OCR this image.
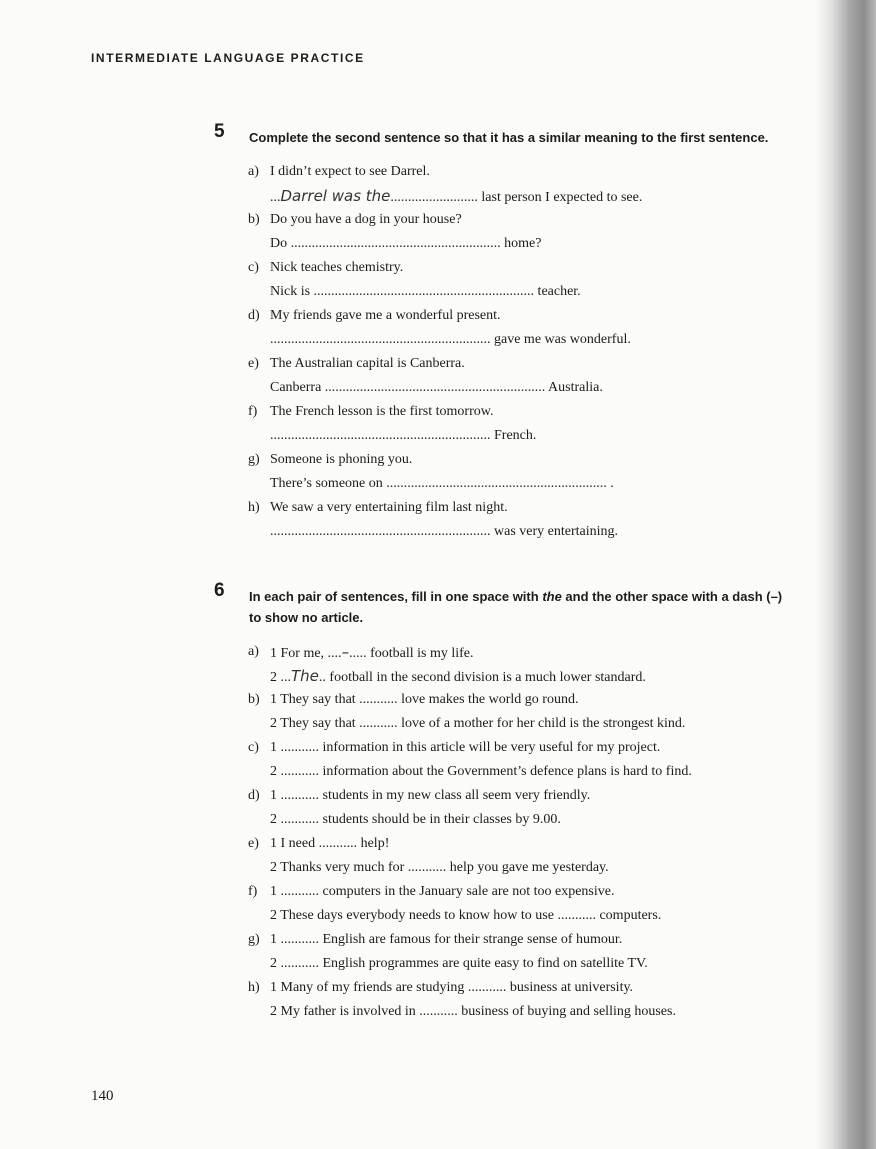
INTERMEDIATE LANGUAGE PRACTICE
5 Complete the second sentence so that it has a similar meaning to the first sentence.
a) I didn’t expect to see Darrel.
...Darrel was the......................... last person I expected to see.
b) Do you have a dog in your house?
Do ............................................................ home?
c) Nick teaches chemistry.
Nick is ............................................................... teacher.
d) My friends gave me a wonderful present.
............................................................... gave me was wonderful.
e) The Australian capital is Canberra.
Canberra ............................................................... Australia.
f) The French lesson is the first tomorrow.
............................................................... French.
g) Someone is phoning you.
There’s someone on ............................................................... .
h) We saw a very entertaining film last night.
............................................................... was very entertaining.
6 In each pair of sentences, fill in one space with the and the other space with a dash (–) to show no article.
a) 1 For me, ....–..... football is my life.
2 ...The.. football in the second division is a much lower standard.
b) 1 They say that ........... love makes the world go round.
2 They say that ........... love of a mother for her child is the strongest kind.
c) 1 ........... information in this article will be very useful for my project.
2 ........... information about the Government’s defence plans is hard to find.
d) 1 ........... students in my new class all seem very friendly.
2 ........... students should be in their classes by 9.00.
e) 1 I need ........... help!
2 Thanks very much for ........... help you gave me yesterday.
f) 1 ........... computers in the January sale are not too expensive.
2 These days everybody needs to know how to use ........... computers.
g) 1 ........... English are famous for their strange sense of humour.
2 ........... English programmes are quite easy to find on satellite TV.
h) 1 Many of my friends are studying ........... business at university.
2 My father is involved in ........... business of buying and selling houses.
140
